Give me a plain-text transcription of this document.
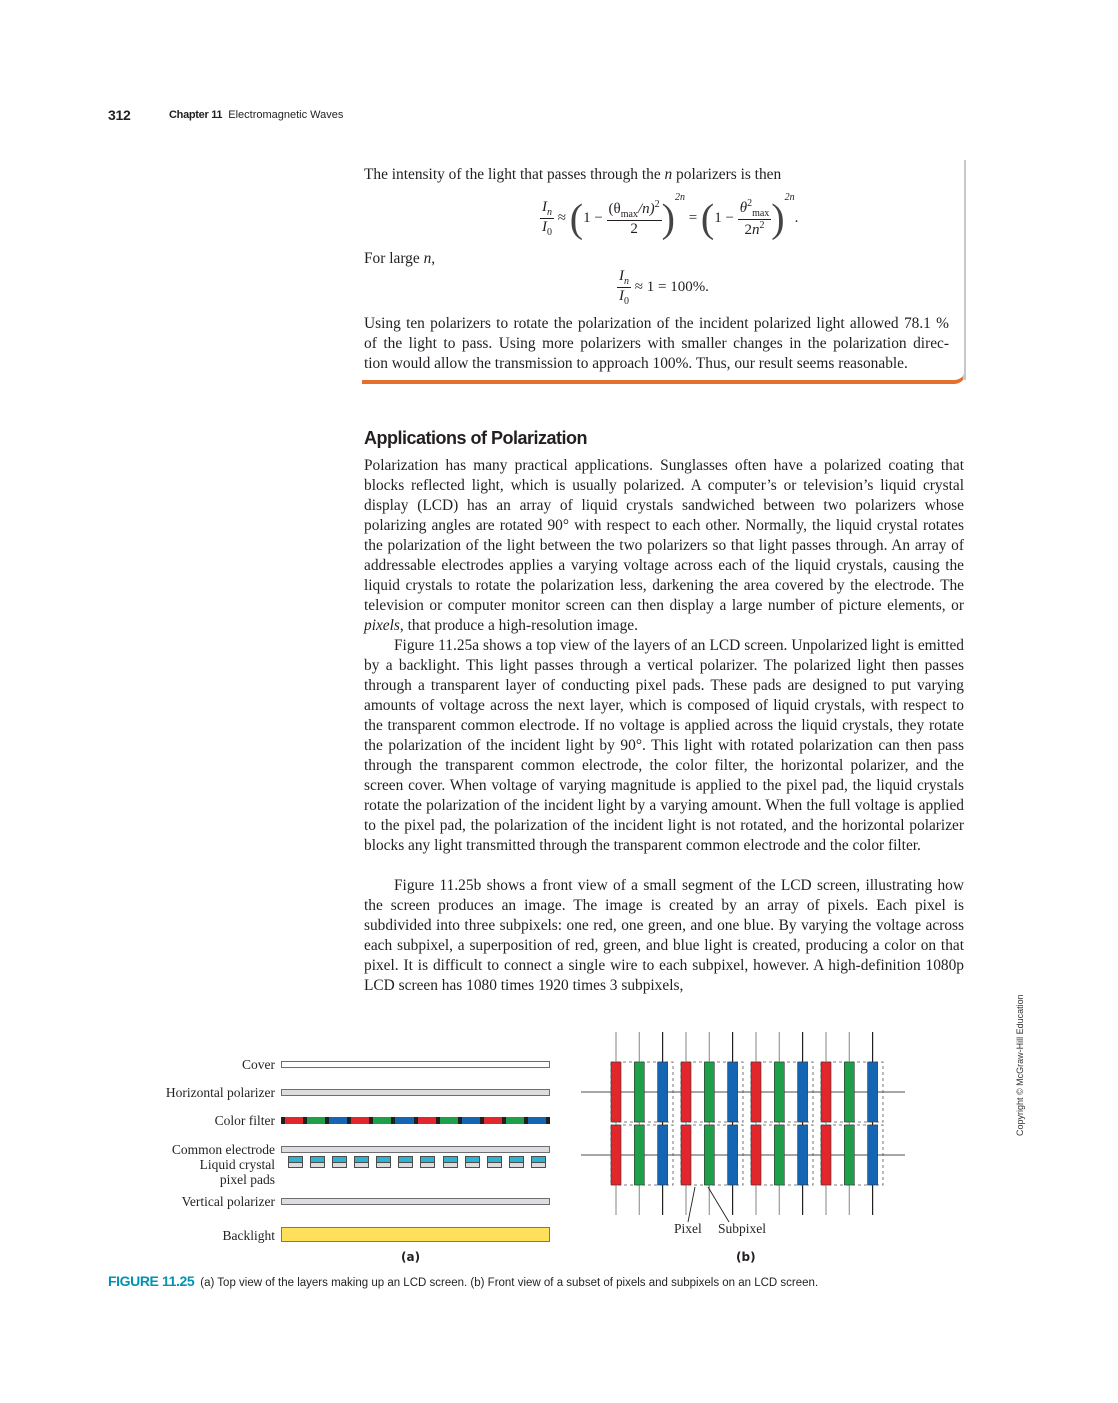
312	Chapter 11 Electromagnetic Waves
The intensity of the light that passes through the n polarizers is then
$\frac{I_n}{I_0} \approx (1 - \frac{(\theta_{max}/n)^2}{2} )^{2n} = (1 - \frac{\theta^2_{max}}{2n^2} )^{2n}$.
For large n,
$\frac{I_n}{I_0} \approx 1 = 100\%$.
Using ten polarizers to rotate the polarization of the incident polarized light allowed 78.1 %
of the light to pass. Using more polarizers with smaller changes in the polarization direc-
tion would allow the transmission to approach 100%. Thus, our result seems reasonable.
Applications of Polarization
Polarization has many practical applications. Sunglasses often have a polarized coating that blocks reflected light, which is usually polarized. A computer’s or television’s liquid crystal display (LCD) has an array of liquid crystals sandwiched between two polarizers whose polarizing angles are rotated 90° with respect to each other. Normally, the liquid crystal rotates the polarization of the light between the two polarizers so that light passes through. An array of addressable electrodes applies a varying voltage across each of the liquid crystals, causing the liquid crystals to rotate the polarization less, darkening the area covered by the electrode. The television or computer monitor screen can then display a large number of picture elements, or pixels, that produce a high-resolution image.
Figure 11.25a shows a top view of the layers of an LCD screen. Unpolarized light is emitted by a backlight. This light passes through a vertical polarizer. The polarized light then passes through a transparent layer of conducting pixel pads. These pads are designed to put varying amounts of voltage across the next layer, which is composed of liquid crystals, with respect to the transparent common electrode. If no voltage is applied across the liquid crystals, they rotate the polarization of the incident light by 90°. This light with rotated polarization can then pass through the transparent common electrode, the color filter, the horizontal polarizer, and the screen cover. When voltage of varying magnitude is applied to the pixel pad, the liquid crystals rotate the polarization of the incident light by a varying amount. When the full voltage is applied to the pixel pad, the polarization of the incident light is not rotated, and the horizontal polarizer blocks any light transmitted through the transparent common electrode and the color filter.
Figure 11.25b shows a front view of a small segment of the LCD screen, illustrating how the screen produces an image. The image is created by an array of pixels. Each pixel is subdivided into three subpixels: one red, one green, and one blue. By varying the voltage across each subpixel, a superposition of red, green, and blue light is created, producing a color on that pixel. It is difficult to connect a single wire to each subpixel, however. A high-definition 1080p LCD screen has 1080 times 1920 times 3 subpixels,
Copyright © McGraw-Hill Education
Cover
Horizontal polarizer
Color filter
Common electrode
Liquid crystal
pixel pads
Vertical polarizer
Backlight
(a)
Pixel Subpixel
(b)
FIGURE 11.25 (a) Top view of the layers making up an LCD screen. (b) Front view of a subset of pixels and subpixels on an LCD screen.
